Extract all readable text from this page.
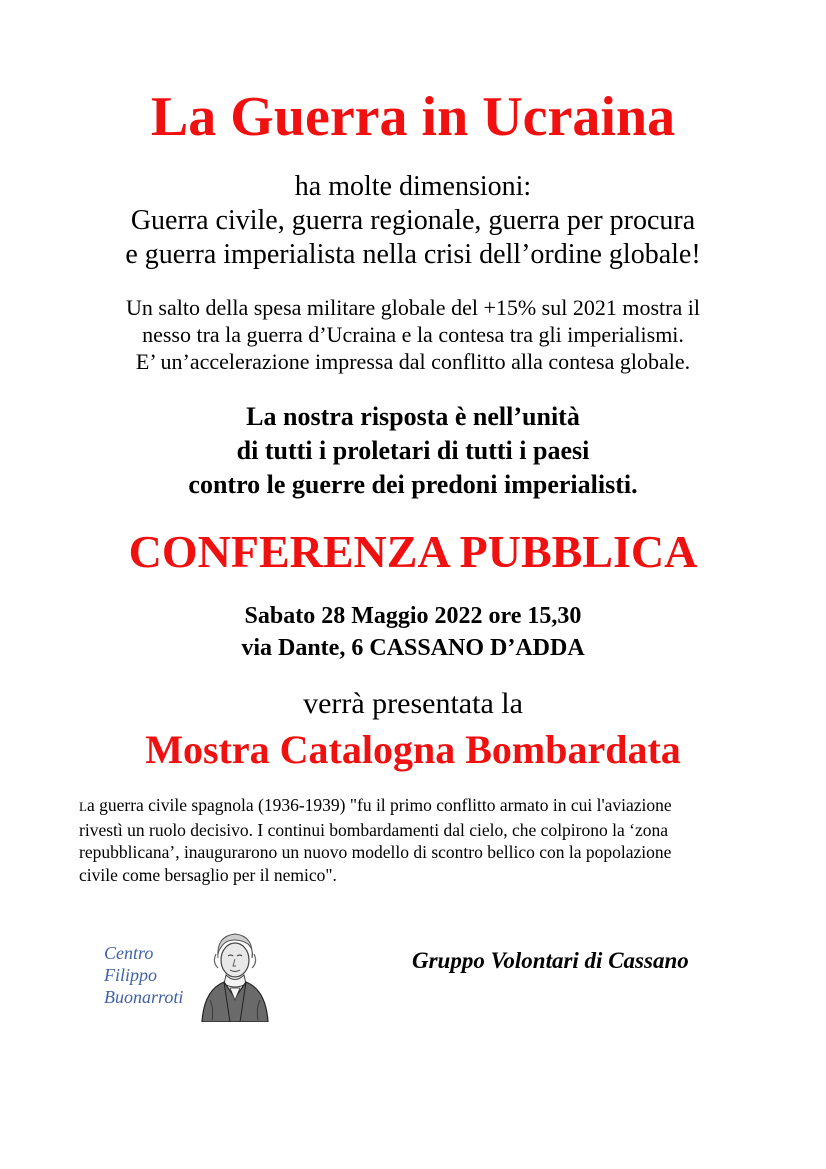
La Guerra in Ucraina
ha molte dimensioni:
Guerra civile, guerra regionale, guerra per procura
e guerra imperialista nella crisi dell’ordine globale!
Un salto della spesa militare globale del +15% sul 2021 mostra il
nesso tra la guerra d’Ucraina e la contesa tra gli imperialismi.
E’ un’accelerazione impressa dal conflitto alla contesa globale.
La nostra risposta è nell’unità
di tutti i proletari di tutti i paesi
contro le guerre dei predoni imperialisti.
CONFERENZA PUBBLICA
Sabato 28 Maggio 2022 ore 15,30
via Dante, 6 CASSANO D’ADDA
verrà presentata la
Mostra Catalogna Bombardata
La guerra civile spagnola (1936-1939) "fu il primo conflitto armato in cui l'aviazione
rivestì un ruolo decisivo. I continui bombardamenti dal cielo, che colpirono la ‘zona
repubblicana’, inaugurarono un nuovo modello di scontro bellico con la popolazione
civile come bersaglio per il nemico".
Centro
Filippo
Buonarroti
Gruppo Volontari di Cassano
